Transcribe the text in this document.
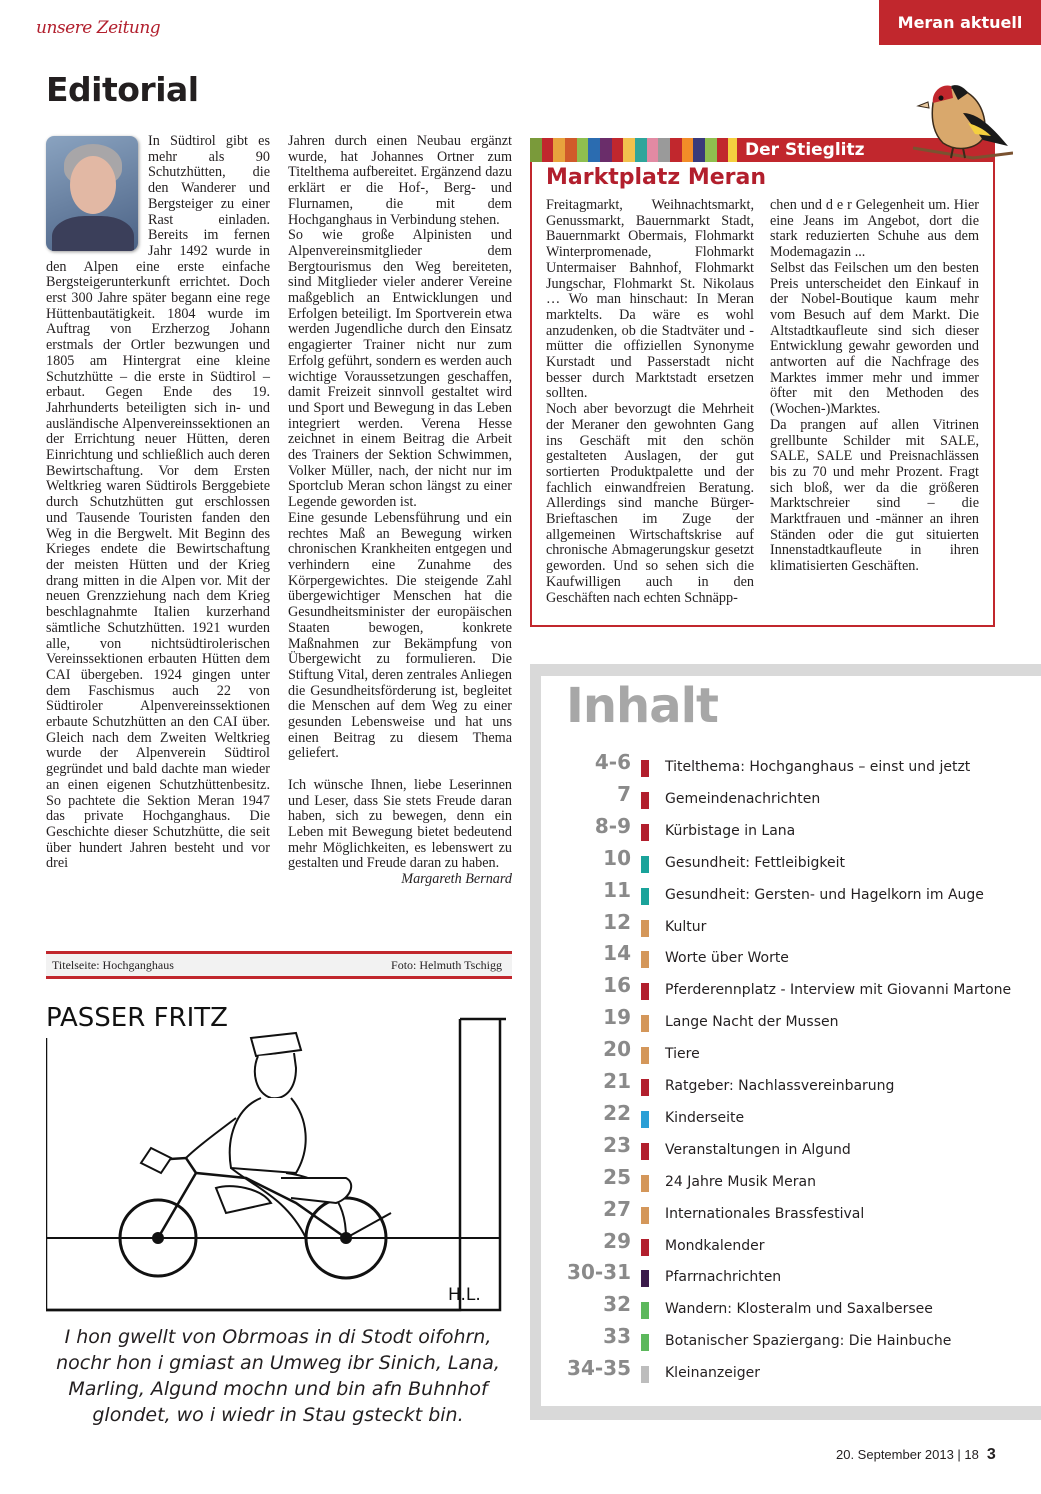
unsere Zeitung	Meran aktuell
Editorial

In Südtirol gibt es mehr als 90 Schutzhütten, die den Wanderer und Bergsteiger zu einer Rast einladen. Bereits im fernen Jahr 1492 wurde in den Alpen eine erste einfache Bergsteigerunterkunft errichtet. Doch erst 300 Jahre später begann eine rege Hüttenbautätigkeit. 1804 wurde im Auftrag von Erzherzog Johann erstmals der Ortler bezwungen und 1805 am Hintergrat eine kleine Schutzhütte – die erste in Südtirol – erbaut. Gegen Ende des 19. Jahrhunderts beteiligten sich in- und ausländische Alpenvereinssektionen an der Errichtung neuer Hütten, deren Einrichtung und schließlich auch deren Bewirtschaftung. Vor dem Ersten Weltkrieg waren Südtirols Berggebiete durch Schutzhütten gut erschlossen und Tausende Touristen fanden den Weg in die Bergwelt. Mit Beginn des Krieges endete die Bewirtschaftung der meisten Hütten und der Krieg drang mitten in die Alpen vor. Mit der neuen Grenzziehung nach dem Krieg beschlagnahmte Italien kurzerhand sämtliche Schutzhütten. 1921 wurden alle, von nichtsüdtirolerischen Vereinssektionen erbauten Hütten dem CAI übergeben. 1924 gingen unter dem Faschismus auch 22 von Südtiroler Alpenvereinssektionen erbaute Schutzhütten an den CAI über. Gleich nach dem Zweiten Weltkrieg wurde der Alpenverein Südtirol gegründet und bald dachte man wieder an einen eigenen Schutzhüttenbesitz. So pachtete die Sektion Meran 1947 das private Hochganghaus. Die Geschichte dieser Schutzhütte, die seit über hundert Jahren besteht und vor drei

Jahren durch einen Neubau ergänzt wurde, hat Johannes Ortner zum Titelthema aufbereitet. Ergänzend dazu erklärt er die Hof-, Berg- und Flurnamen, die mit dem Hochganghaus in Verbindung stehen.

So wie große Alpinisten und Alpenvereinsmitglieder dem Bergtourismus den Weg bereiteten, sind Mitglieder vieler anderer Vereine maßgeblich an Entwicklungen und Erfolgen beteiligt. Im Sportverein etwa werden Jugendliche durch den Einsatz engagierter Trainer nicht nur zum Erfolg geführt, sondern es werden auch wichtige Voraussetzungen geschaffen, damit Freizeit sinnvoll gestaltet wird und Sport und Bewegung in das Leben integriert werden. Verena Hesse zeichnet in einem Beitrag die Arbeit des Trainers der Sektion Schwimmen, Volker Müller, nach, der nicht nur im Sportclub Meran schon längst zu einer Legende geworden ist.

Eine gesunde Lebensführung und ein rechtes Maß an Bewegung wirken chronischen Krankheiten entgegen und verhindern eine Zunahme des Körpergewichtes. Die steigende Zahl übergewichtiger Menschen hat die Gesundheitsminister der europäischen Staaten bewogen, konkrete Maßnahmen zur Bekämpfung von Übergewicht zu formulieren. Die Stiftung Vital, deren zentrales Anliegen die Gesundheitsförderung ist, begleitet die Menschen auf dem Weg zu einer gesunden Lebensweise und hat uns einen Beitrag zu diesem Thema geliefert.

Ich wünsche Ihnen, liebe Leserinnen und Leser, dass Sie stets Freude daran haben, sich zu bewegen, denn ein Leben mit Bewegung bietet bedeutend mehr Möglichkeiten, es lebenswert zu gestalten und Freude daran zu haben.

Margareth Bernard

Titelseite: Hochganghaus	Foto: Helmuth Tschigg
PASSER FRITZ
H.L.
I hon gwellt von Obrmoas in di Stodt oifohrn, nochr hon i gmiast an Umweg ibr Sinich, Lana, Marling, Algund mochn und bin afn Buhnhof glondet, wo i wiedr in Stau gsteckt bin.
Der Stieglitz
Marktplatz Meran

Freitagmarkt, Weihnachtsmarkt, Genussmarkt, Bauernmarkt Stadt, Bauernmarkt Obermais, Flohmarkt Winterpromenade, Flohmarkt Untermaiser Bahnhof, Flohmarkt Jungschar, Flohmarkt St. Nikolaus … Wo man hinschaut: In Meran marktelts. Da wäre es wohl anzudenken, ob die Stadtväter und -mütter die offiziellen Synonyme Kurstadt und Passerstadt nicht besser durch Marktstadt ersetzen sollten.

Noch aber bevorzugt die Mehrheit der Meraner den gewohnten Gang ins Geschäft mit den schön gestalteten Auslagen, der gut sortierten Produktpalette und der fachlich einwandfreien Beratung. Allerdings sind manche Bürger-Brieftaschen im Zuge der allgemeinen Wirtschaftskrise auf chronische Abmagerungskur gesetzt geworden. Und so sehen sich die Kaufwilligen auch in den Geschäften nach echten Schnäpp-

chen und d e r Gelegenheit um. Hier eine Jeans im Angebot, dort die stark reduzierten Schuhe aus dem Modemagazin ...

Selbst das Feilschen um den besten Preis unterscheidet den Einkauf in der Nobel-Boutique kaum mehr vom Besuch auf dem Markt. Die Altstadtkaufleute sind sich dieser Entwicklung gewahr geworden und antworten auf die Nachfrage des Marktes immer mehr und immer öfter mit den Methoden des (Wochen-)Marktes.

Da prangen auf allen Vitrinen grellbunte Schilder mit SALE, SALE, SALE und Preisnachlässen bis zu 70 und mehr Prozent. Fragt sich bloß, wer da die größeren Marktschreier sind – die Marktfrauen und -männer an ihren Ständen oder die gut situierten Innenstadtkaufleute in ihren klimatisierten Geschäften.

Inhalt
4-6 Titelthema: Hochganghaus – einst und jetzt
7 Gemeindenachrichten
8-9 Kürbistage in Lana
10 Gesundheit: Fettleibigkeit
11 Gesundheit: Gersten- und Hagelkorn im Auge
12 Kultur
14 Worte über Worte
16 Pferderennplatz - Interview mit Giovanni Martone
19 Lange Nacht der Mussen
20 Tiere
21 Ratgeber: Nachlassvereinbarung
22 Kinderseite
23 Veranstaltungen in Algund
25 24 Jahre Musik Meran
27 Internationales Brassfestival
29 Mondkalender
30-31 Pfarrnachrichten
32 Wandern: Klosteralm und Saxalbersee
33 Botanischer Spaziergang: Die Hainbuche
34-35 Kleinanzeiger
20. September 2013 | 18 3
